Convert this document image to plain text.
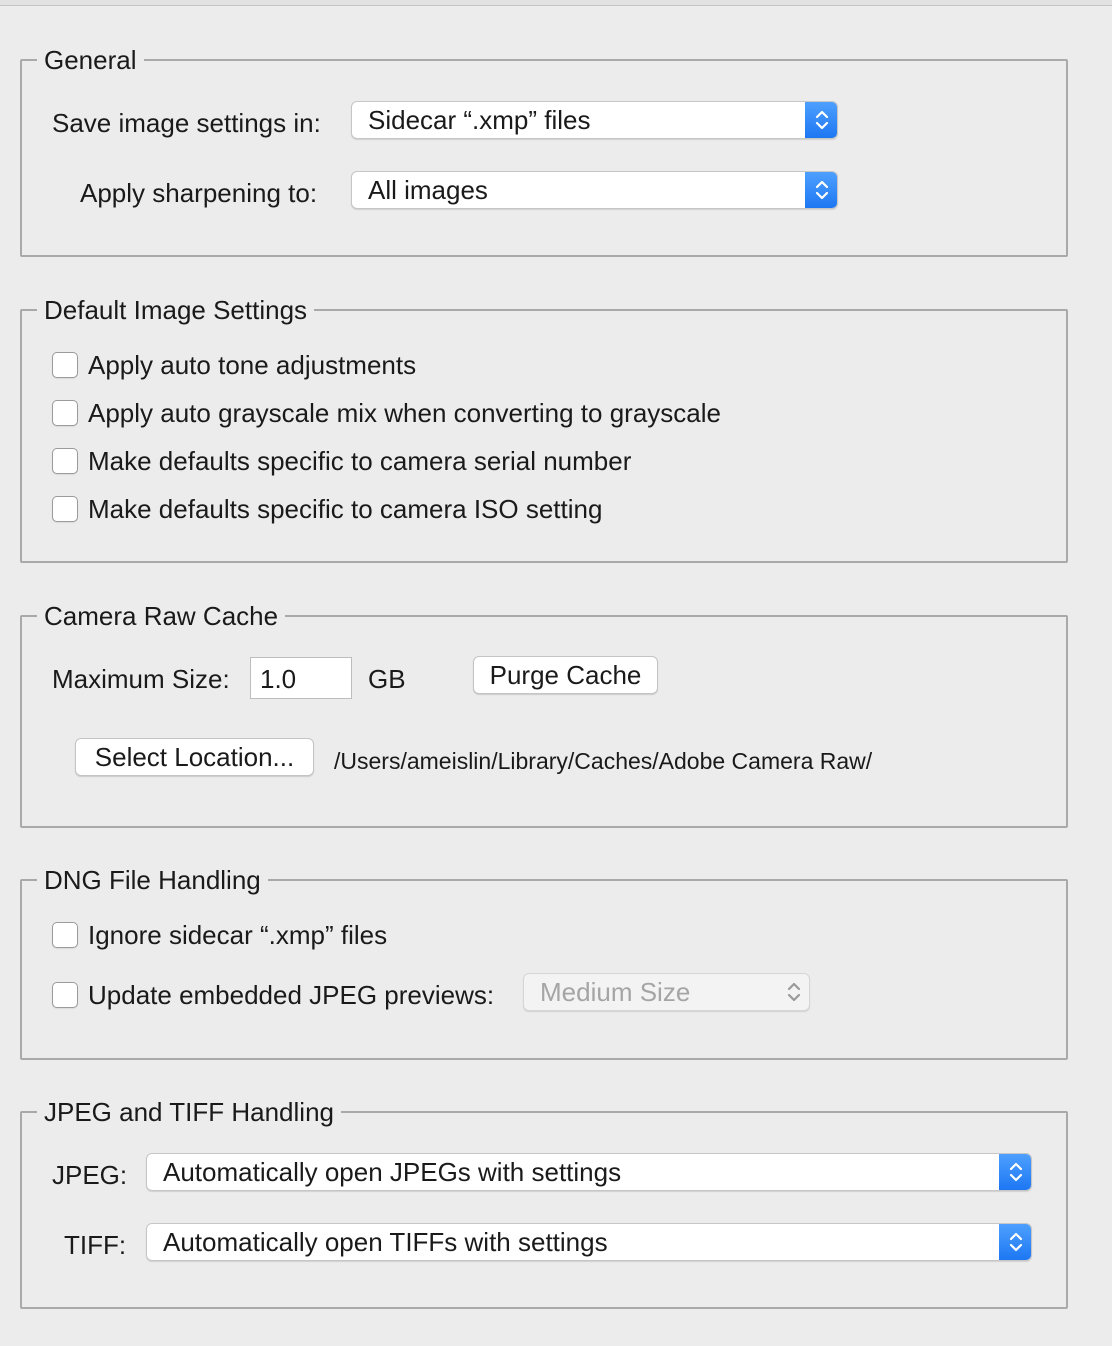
General
Save image settings in:	Sidecar “.xmp” files
Apply sharpening to:	All images
Default Image Settings
Apply auto tone adjustments
Apply auto grayscale mix when converting to grayscale
Make defaults specific to camera serial number
Make defaults specific to camera ISO setting
Camera Raw Cache
Maximum Size:	1.0	GB	Purge Cache
Select Location...	/Users/ameislin/Library/Caches/Adobe Camera Raw/
DNG File Handling
Ignore sidecar “.xmp” files
Update embedded JPEG previews:	Medium Size
JPEG and TIFF Handling
JPEG:	Automatically open JPEGs with settings
TIFF:	Automatically open TIFFs with settings
